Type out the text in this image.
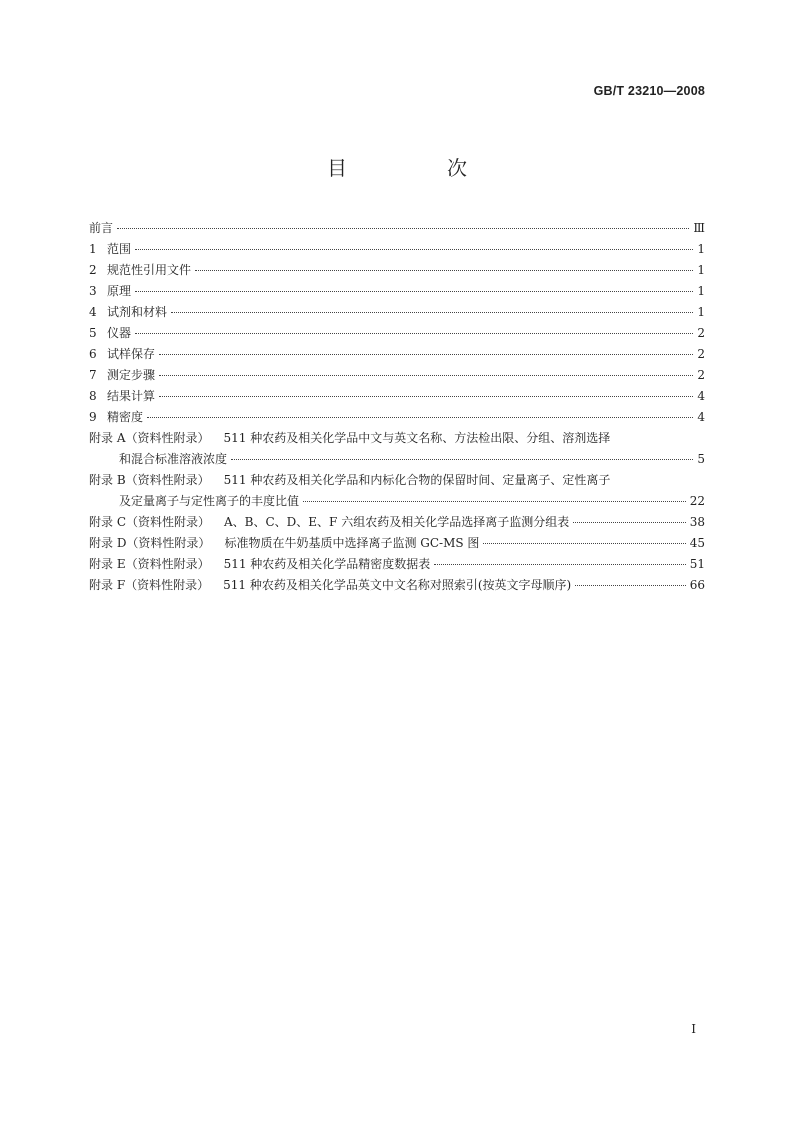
GB/T 23210—2008
目　次
前言	Ⅲ
1 范围	1
2 规范性引用文件	1
3 原理	1
4 试剂和材料	1
5 仪器	2
6 试样保存	2
7 测定步骤	2
8 结果计算	4
9 精密度	4
附录 A（资料性附录） 511 种农药及相关化学品中文与英文名称、方法检出限、分组、溶剂选择
和混合标准溶液浓度	5
附录 B（资料性附录） 511 种农药及相关化学品和内标化合物的保留时间、定量离子、定性离子
及定量离子与定性离子的丰度比值	22
附录 C（资料性附录） A、B、C、D、E、F 六组农药及相关化学品选择离子监测分组表	38
附录 D（资料性附录） 标准物质在牛奶基质中选择离子监测 GC-MS 图	45
附录 E（资料性附录） 511 种农药及相关化学品精密度数据表	51
附录 F（资料性附录） 511 种农药及相关化学品英文中文名称对照索引(按英文字母顺序)	66
I
